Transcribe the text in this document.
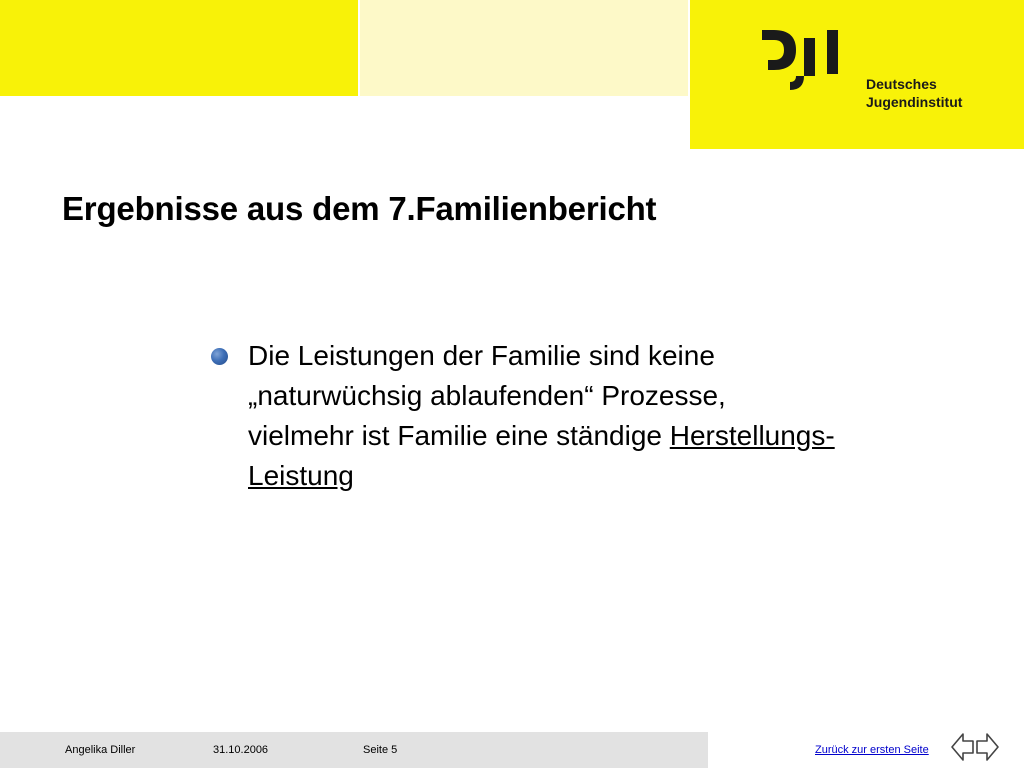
Deutsches
Jugendinstitut
Ergebnisse aus dem 7.Familienbericht
Die Leistungen der Familie sind keine
„naturwüchsig ablaufenden“ Prozesse,
vielmehr ist Familie eine ständige Herstellungs-
Leistung
Angelika Diller	31.10.2006	Seite 5	Zurück zur ersten Seite
